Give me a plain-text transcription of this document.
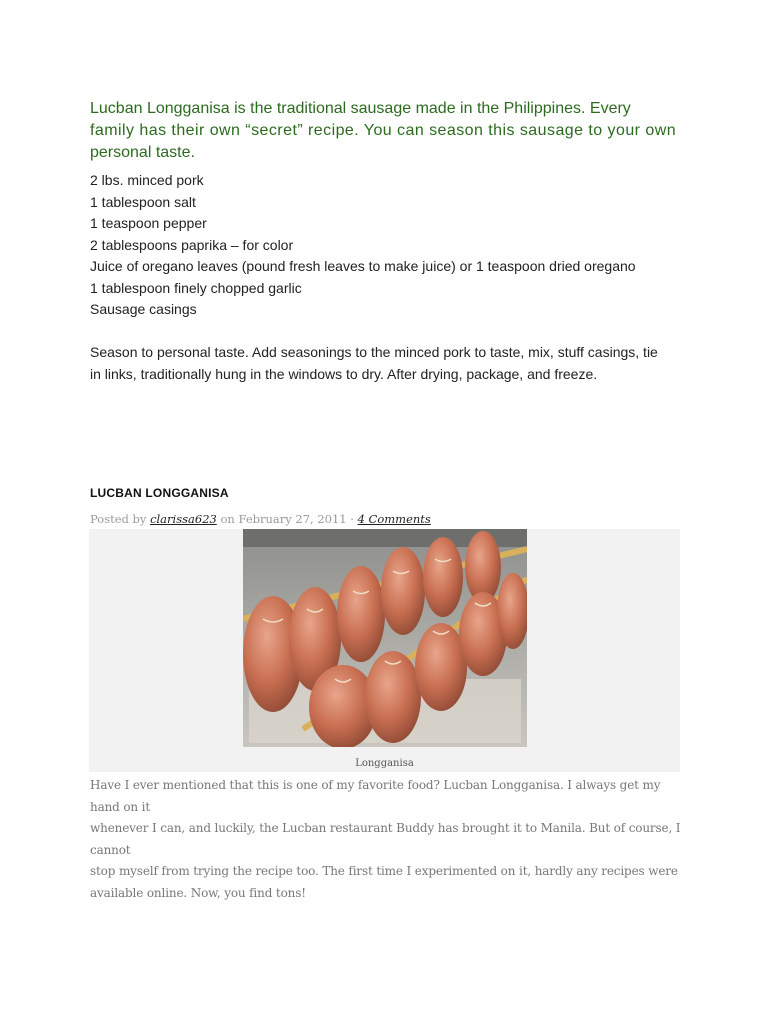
Lucban Longganisa is the traditional sausage made in the Philippines. Every
family has their own “secret” recipe. You can season this sausage to your own
personal taste.

2 lbs. minced pork
1 tablespoon salt
1 teaspoon pepper
2 tablespoons paprika – for color
Juice of oregano leaves (pound fresh leaves to make juice) or 1 teaspoon dried oregano
1 tablespoon finely chopped garlic
Sausage casings

Season to personal taste. Add seasonings to the minced pork to taste, mix, stuff casings, tie
in links, traditionally hung in the windows to dry. After drying, package, and freeze.

LUCBAN LONGGANISA
Posted by clarissa623 on February 27, 2011 · 4 Comments
Longganisa

Have I ever mentioned that this is one of my favorite food? Lucban Longganisa. I always get my hand on it
whenever I can, and luckily, the Lucban restaurant Buddy has brought it to Manila. But of course, I cannot
stop myself from trying the recipe too. The first time I experimented on it, hardly any recipes were
available online. Now, you find tons!
